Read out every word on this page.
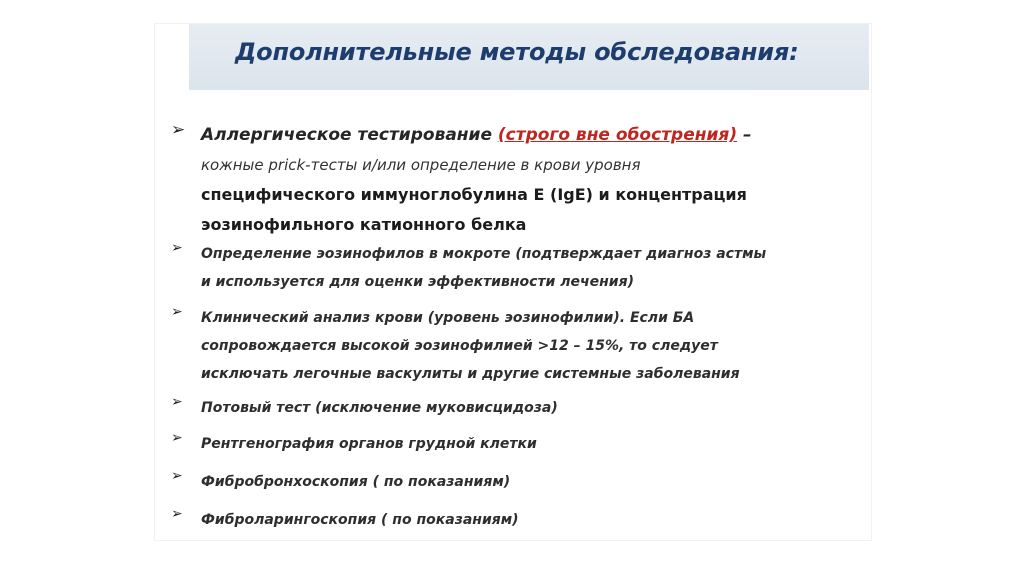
Дополнительные методы обследования:
➢ Аллергическое тестирование (строго вне обострения) –
кожные prick-тесты и/или определение в крови уровня
специфического иммуноглобулина Е (IgE) и концентрация
эозинофильного катионного белка
➢ Определение эозинофилов в мокроте (подтверждает диагноз астмы
и используется для оценки эффективности лечения)
➢ Клинический анализ крови (уровень эозинофилии). Если БА
сопровождается высокой эозинофилией >12 – 15%, то следует
исключать легочные васкулиты и другие системные заболевания
➢ Потовый тест (исключение муковисцидоза)
➢ Рентгенография органов грудной клетки
➢ Фибробронхоскопия ( по показаниям)
➢ Фиброларингоскопия ( по показаниям)
